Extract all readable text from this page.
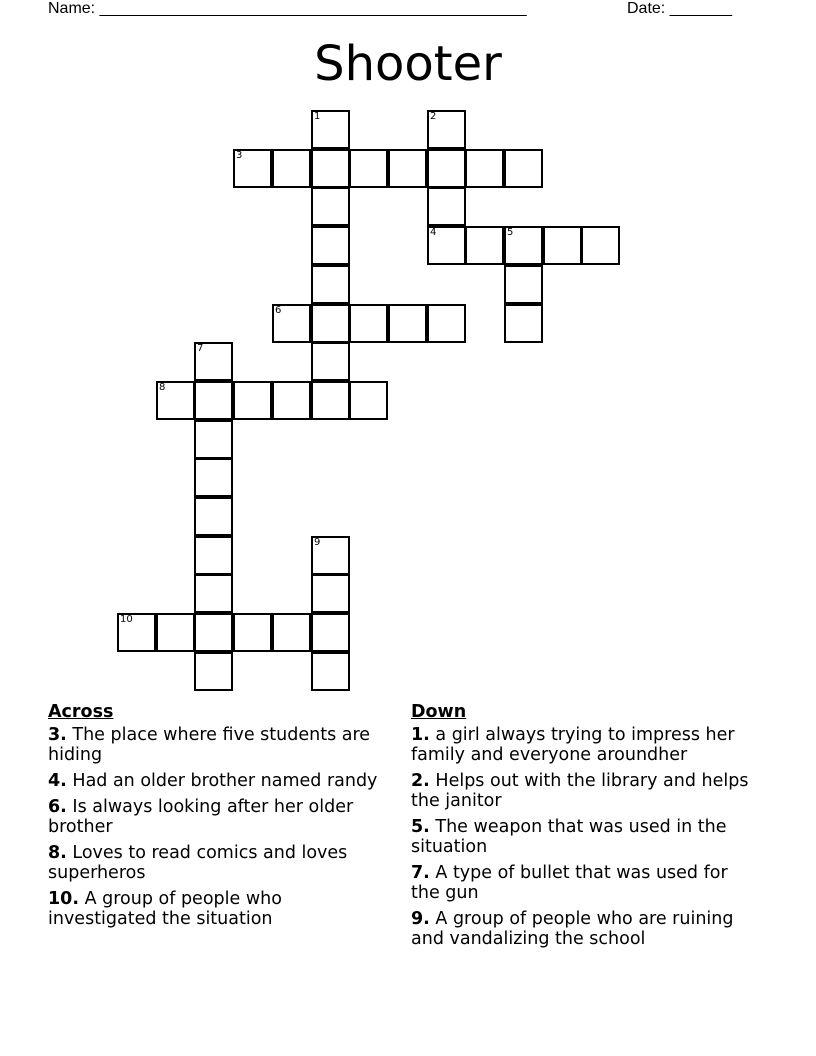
Name: ________________________________________________	Date: _______
Shooter
1	2
3
4	5
6
7
8
9
10
Across
3. The place where five students are hiding
4. Had an older brother named randy
6. Is always looking after her older brother
8. Loves to read comics and loves superheros
10. A group of people who investigated the situation
Down
1. a girl always trying to impress her family and everyone aroundher
2. Helps out with the library and helps the janitor
5. The weapon that was used in the situation
7. A type of bullet that was used for the gun
9. A group of people who are ruining and vandalizing the school
